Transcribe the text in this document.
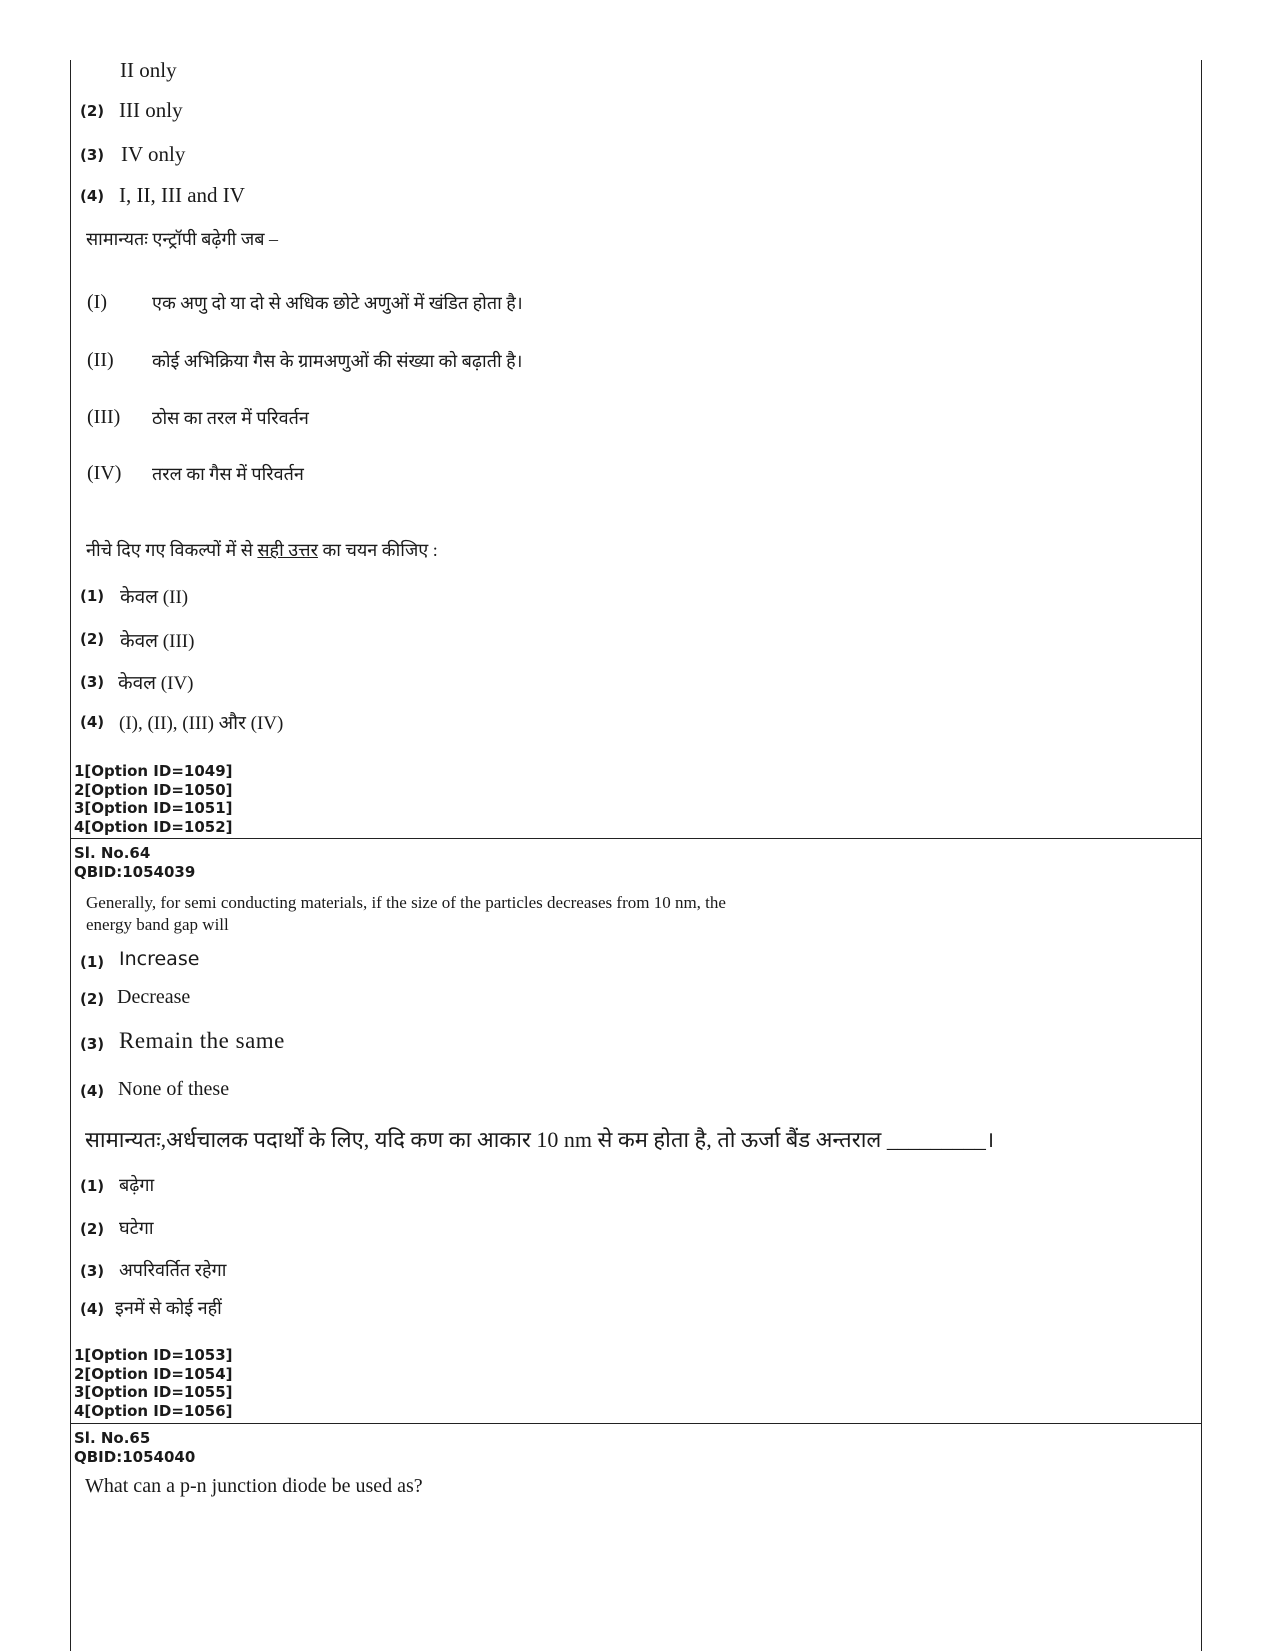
II only
(2) III only
(3) IV only
(4) I, II, III and IV
सामान्यतः एन्ट्रॉपी बढ़ेगी जब –
(I)	एक अणु दो या दो से अधिक छोटे अणुओं में खंडित होता है।
(II) कोई अभिक्रिया गैस के ग्रामअणुओं की संख्या को बढ़ाती है।
(III) ठोस का तरल में परिवर्तन
(IV) तरल का गैस में परिवर्तन
नीचे दिए गए विकल्पों में से सही उत्तर का चयन कीजिए :
(1) केवल (II)
(2) केवल (III)
(3) केवल (IV)
(4) (I), (II), (III) और (IV)
1[Option ID=1049]
2[Option ID=1050]
3[Option ID=1051]
4[Option ID=1052]
Sl. No.64
QBID:1054039
Generally, for semi conducting materials, if the size of the particles decreases from 10 nm, the
energy band gap will
(1) Increase
(2) Decrease
(3) Remain the same
(4) None of these
सामान्यतः,अर्धचालक पदार्थों के लिए, यदि कण का आकार 10 nm से कम होता है, तो ऊर्जा बैंड अन्तराल _________।
(1) बढ़ेगा
(2) घटेगा
(3) अपरिवर्तित रहेगा
(4) इनमें से कोई नहीं
1[Option ID=1053]
2[Option ID=1054]
3[Option ID=1055]
4[Option ID=1056]
Sl. No.65
QBID:1054040
What can a p-n junction diode be used as?
